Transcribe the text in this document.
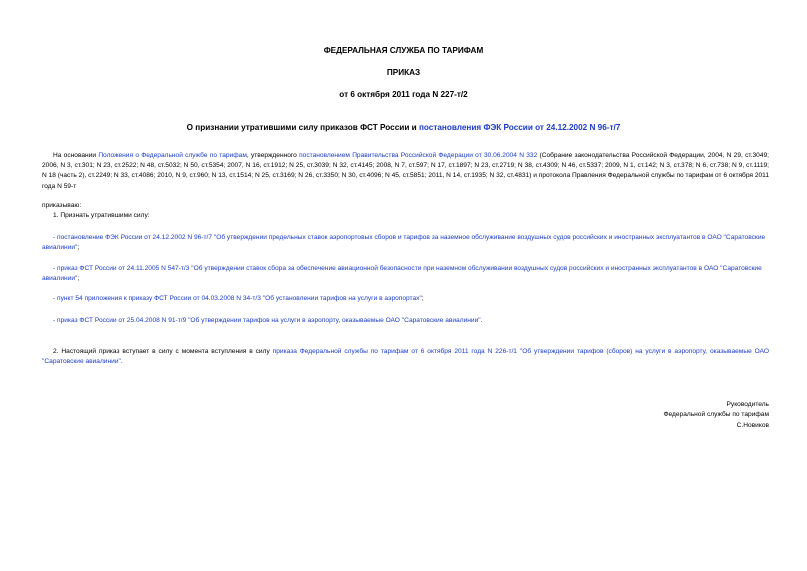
ФЕДЕРАЛЬНАЯ СЛУЖБА ПО ТАРИФАМ
ПРИКАЗ
от 6 октября 2011 года N 227-т/2
О признании утратившими силу приказов ФСТ России и постановления ФЭК России от 24.12.2002 N 96-т/7
На основании Положения о Федеральной службе по тарифам, утвержденного постановлением Правительства Российской Федерации от 30.06.2004 N 332 (Собрание законодательства Российской Федерации, 2004, N 29, ст.3049; 2006, N 3, ст.301; N 23, ст.2522; N 48, ст.5032; N 50, ст.5354; 2007, N 16, ст.1912; N 25, ст.3039; N 32, ст.4145; 2008, N 7, ст.597; N 17, ст.1897; N 23, ст.2719; N 38, ст.4309; N 46, ст.5337; 2009, N 1, ст.142; N 3, ст.378; N 6, ст.738; N 9, ст.1119; N 18 (часть 2), ст.2249; N 33, ст.4086; 2010, N 9, ст.960; N 13, ст.1514; N 25, ст.3169; N 26, ст.3350; N 30, ст.4096; N 45, ст.5851; 2011, N 14, ст.1935; N 32, ст.4831) и протокола Правления Федеральной службы по тарифам от 6 октября 2011 года N 59-т
приказываю:
1. Признать утратившими силу:
- постановление ФЭК России от 24.12.2002 N 96-т/7 "Об утверждении предельных ставок аэропортовых сборов и тарифов за наземное обслуживание воздушных судов российских и иностранных эксплуатантов в ОАО "Саратовские авиалинии";
- приказ ФСТ России от 24.11.2005 N 547-т/3 "Об утверждении ставок сбора за обеспечение авиационной безопасности при наземном обслуживании воздушных судов российских и иностранных эксплуатантов в ОАО "Саратовские авиалинии";
- пункт 54 приложения к приказу ФСТ России от 04.03.2008 N 34-т/3 "Об установлении тарифов на услуги в аэропортах";
- приказ ФСТ России от 25.04.2008 N 91-т/9 "Об утверждении тарифов на услуги в аэропорту, оказываемые ОАО "Саратовские авиалинии".
2. Настоящий приказ вступает в силу с момента вступления в силу приказа Федеральной службы по тарифам от 6 октября 2011 года N 226-т/1 "Об утверждении тарифов (сборов) на услуги в аэропорту, оказываемые ОАО "Саратовские авиалинии".
Руководитель
Федеральной службы по тарифам
С.Новиков
